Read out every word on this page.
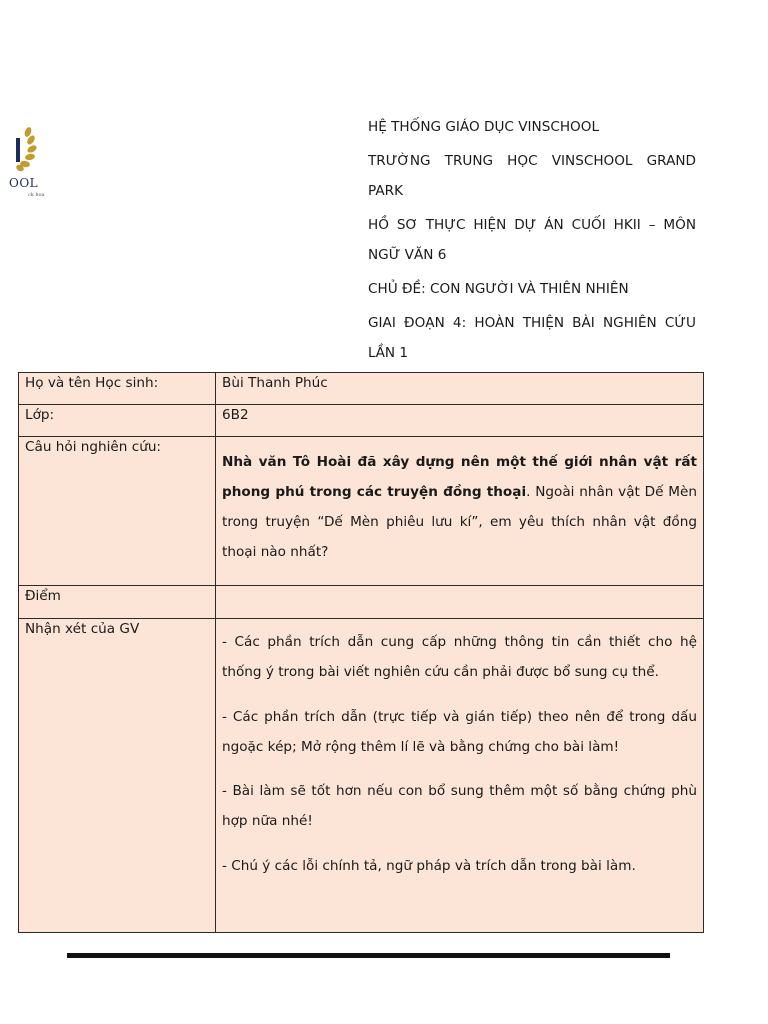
OOL
ck hoa
HỆ THỐNG GIÁO DỤC VINSCHOOL
TRƯỜNG TRUNG HỌC VINSCHOOL GRAND
PARK
HỒ SƠ THỰC HIỆN DỰ ÁN CUỐI HKII – MÔN
NGỮ VĂN 6
CHỦ ĐỀ: CON NGƯỜI VÀ THIÊN NHIÊN
GIAI ĐOẠN 4: HOÀN THIỆN BÀI NGHIÊN CỨU
LẦN 1
Họ và tên Học sinh:	Bùi Thanh Phúc

Lớp:	6B2

Câu hỏi nghiên cứu:	Nhà văn Tô Hoài đã xây dựng nên một thế giới nhân vật rất phong phú trong các truyện đồng thoại. Ngoài nhân vật Dế Mèn trong truyện “Dế Mèn phiêu lưu kí”, em yêu thích nhân vật đồng thoại nào nhất?

Điểm	

Nhận xét của GV	- Các phần trích dẫn cung cấp những thông tin cần thiết cho hệ thống ý trong bài viết nghiên cứu cần phải được bổ sung cụ thể.

- Các phần trích dẫn (trực tiếp và gián tiếp) theo nên để trong dấu ngoặc kép; Mở rộng thêm lí lẽ và bằng chứng cho bài làm!

- Bài làm sẽ tốt hơn nếu con bổ sung thêm một số bằng chứng phù hợp nữa nhé!

- Chú ý các lỗi chính tả, ngữ pháp và trích dẫn trong bài làm.
